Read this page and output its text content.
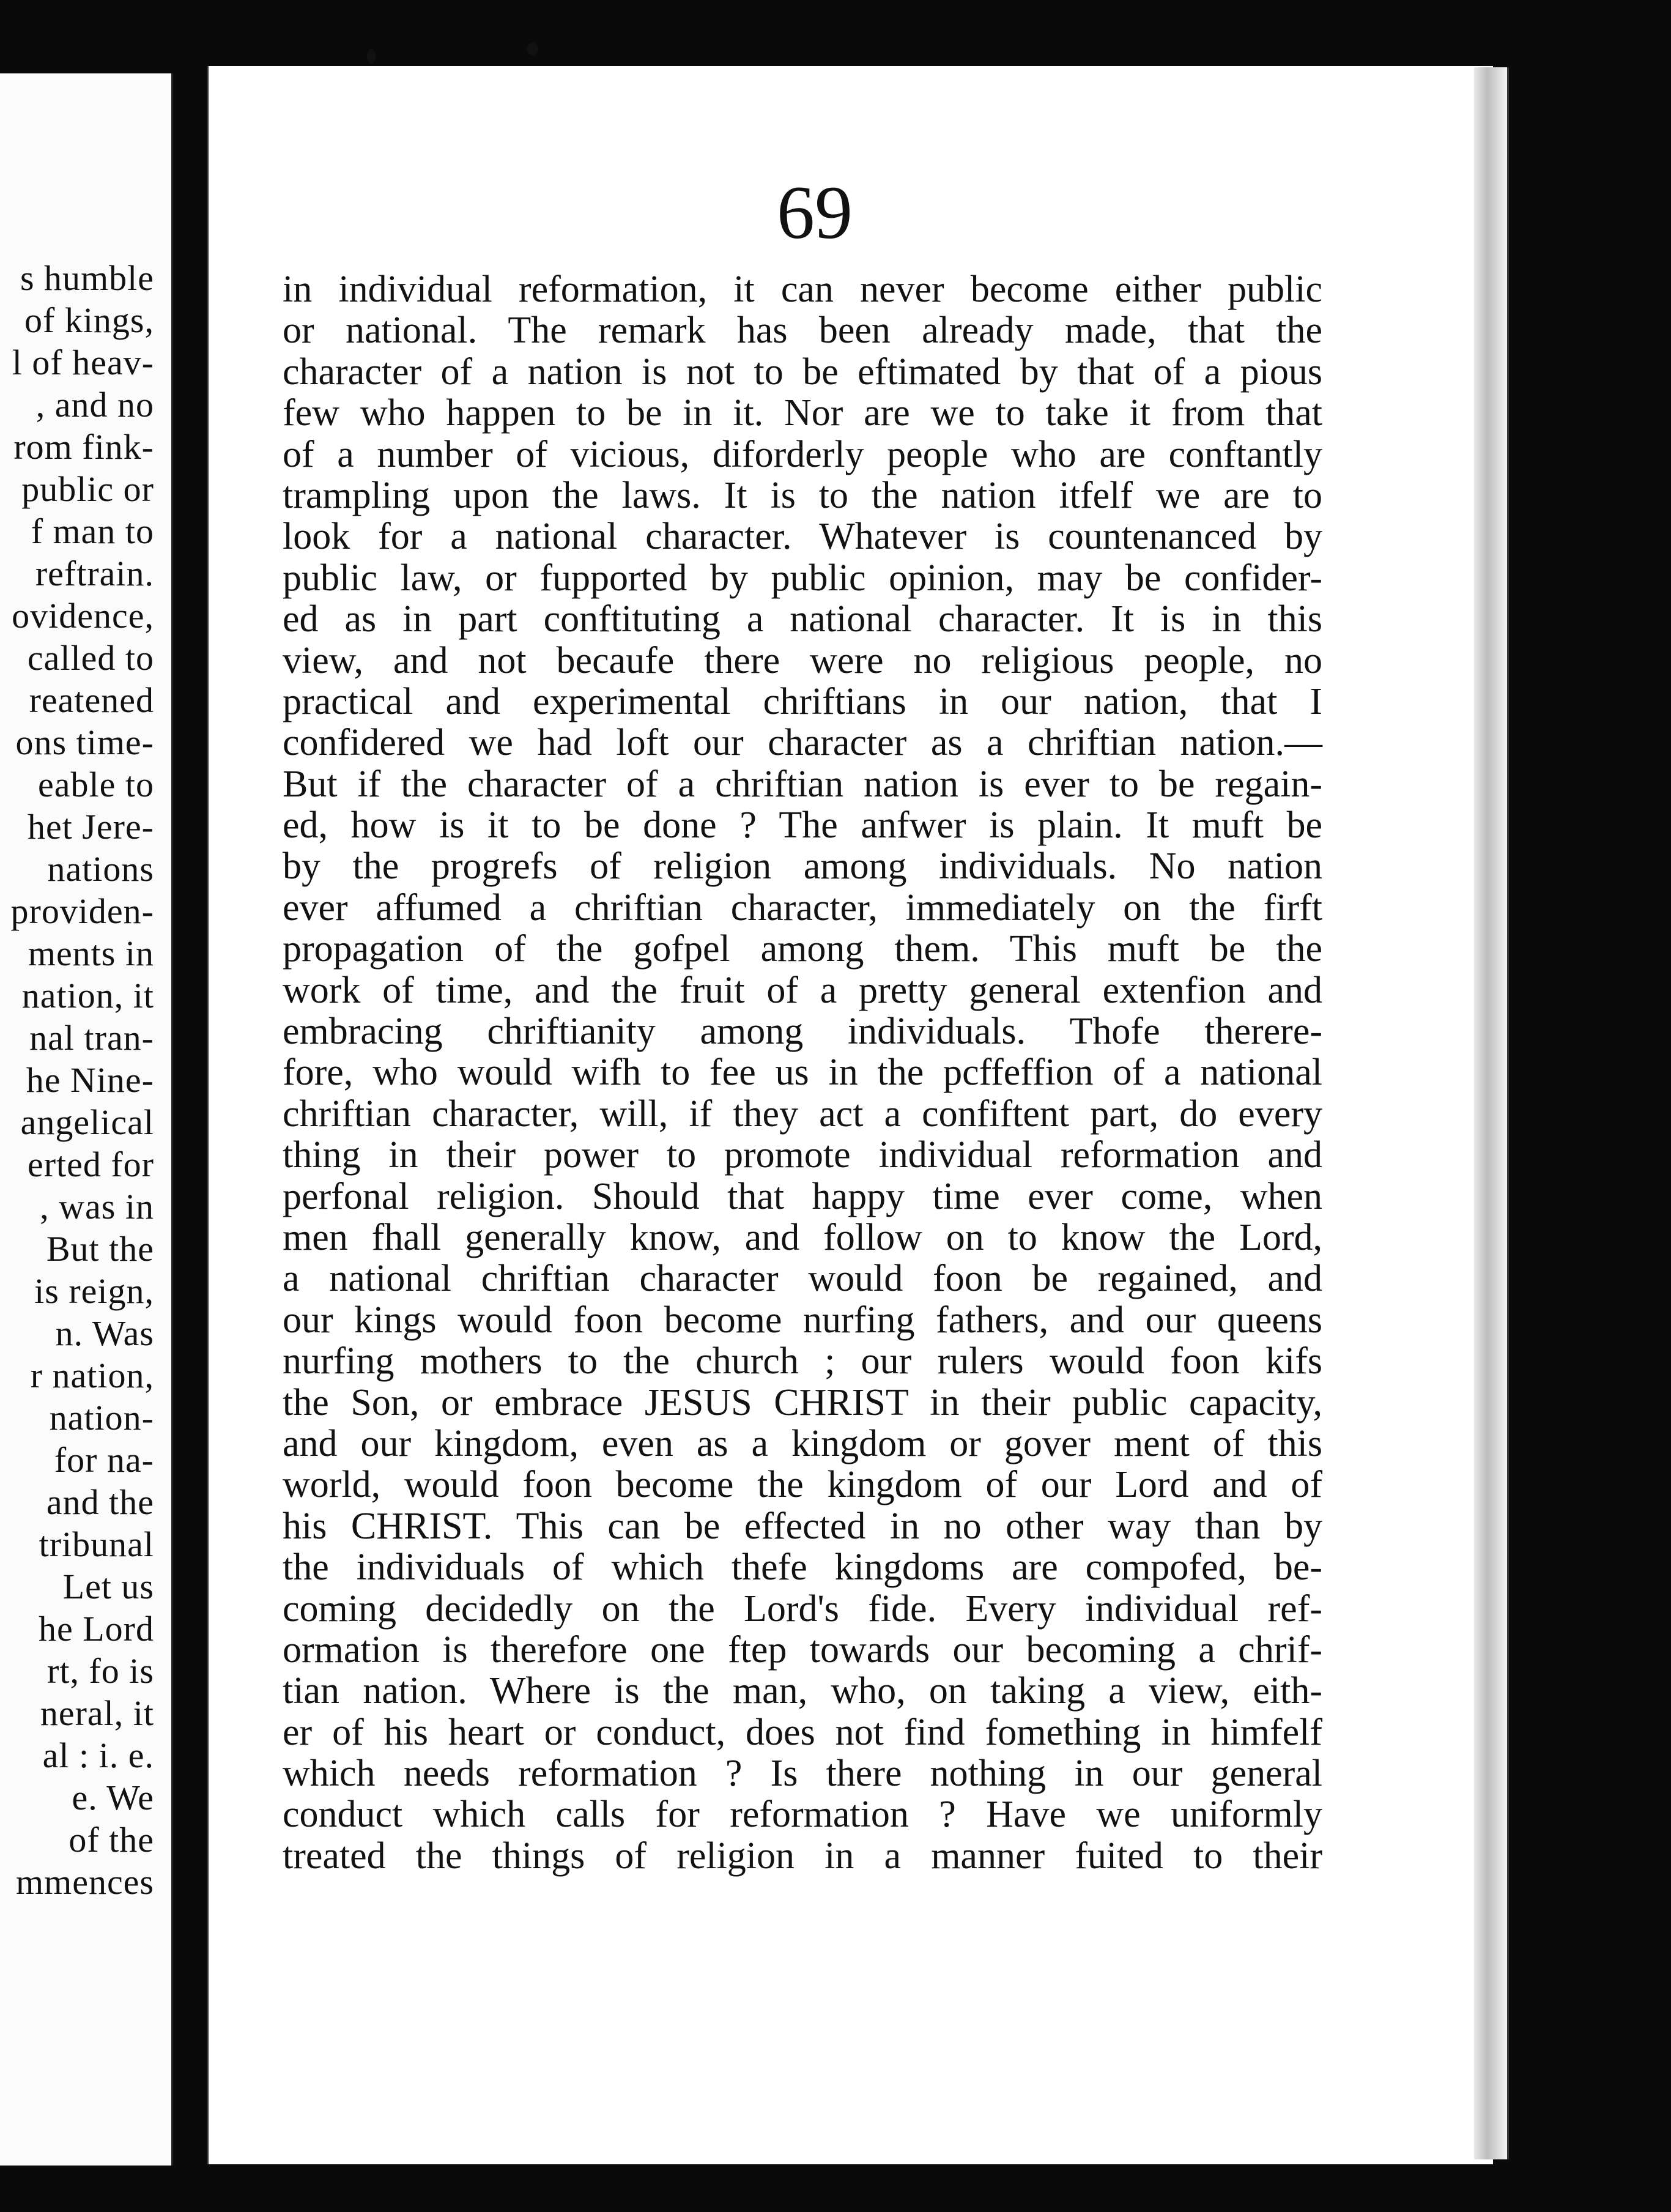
s humble
of kings,
l of heav-
, and no
rom fink-
public or
f man to
reftrain.
ovidence,
called to
reatened
ons time-
eable to
het Jere-
nations
providen-
ments in
nation, it
nal tran-
he Nine-
angelical
erted for
, was in
But the
is reign,
n. Was
r nation,
nation-
for na-
and the
tribunal
Let us
he Lord
rt, fo is
neral, it
al : i. e.
e. We
of the
mmences
69
in individual reformation, it can never become either public
or national. The remark has been already made, that the
character of a nation is not to be eftimated by that of a pious
few who happen to be in it. Nor are we to take it from that
of a number of vicious, diforderly people who are conftantly
trampling upon the laws. It is to the nation itfelf we are to
look for a national character. Whatever is countenanced by
public law, or fupported by public opinion, may be confider-
ed as in part conftituting a national character. It is in this
view, and not becaufe there were no religious people, no
practical and experimental chriftians in our nation, that I
confidered we had loft our character as a chriftian nation.—
But if the character of a chriftian nation is ever to be regain-
ed, how is it to be done ? The anfwer is plain. It muft be
by the progrefs of religion among individuals. No nation
ever affumed a chriftian character, immediately on the firft
propagation of the gofpel among them. This muft be the
work of time, and the fruit of a pretty general extenfion and
embracing chriftianity among individuals. Thofe therere-
fore, who would wifh to fee us in the pcffeffion of a national
chriftian character, will, if they act a confiftent part, do every
thing in their power to promote individual reformation and
perfonal religion. Should that happy time ever come, when
men fhall generally know, and follow on to know the Lord,
a national chriftian character would foon be regained, and
our kings would foon become nurfing fathers, and our queens
nurfing mothers to the church ; our rulers would foon kifs
the Son, or embrace JESUS CHRIST in their public capacity,
and our kingdom, even as a kingdom or gover ment of this
world, would foon become the kingdom of our Lord and of
his CHRIST. This can be effected in no other way than by
the individuals of which thefe kingdoms are compofed, be-
coming decidedly on the Lord's fide. Every individual ref-
ormation is therefore one ftep towards our becoming a chrif-
tian nation. Where is the man, who, on taking a view, eith-
er of his heart or conduct, does not find fomething in himfelf
which needs reformation ? Is there nothing in our general
conduct which calls for reformation ? Have we uniformly
treated the things of religion in a manner fuited to their
